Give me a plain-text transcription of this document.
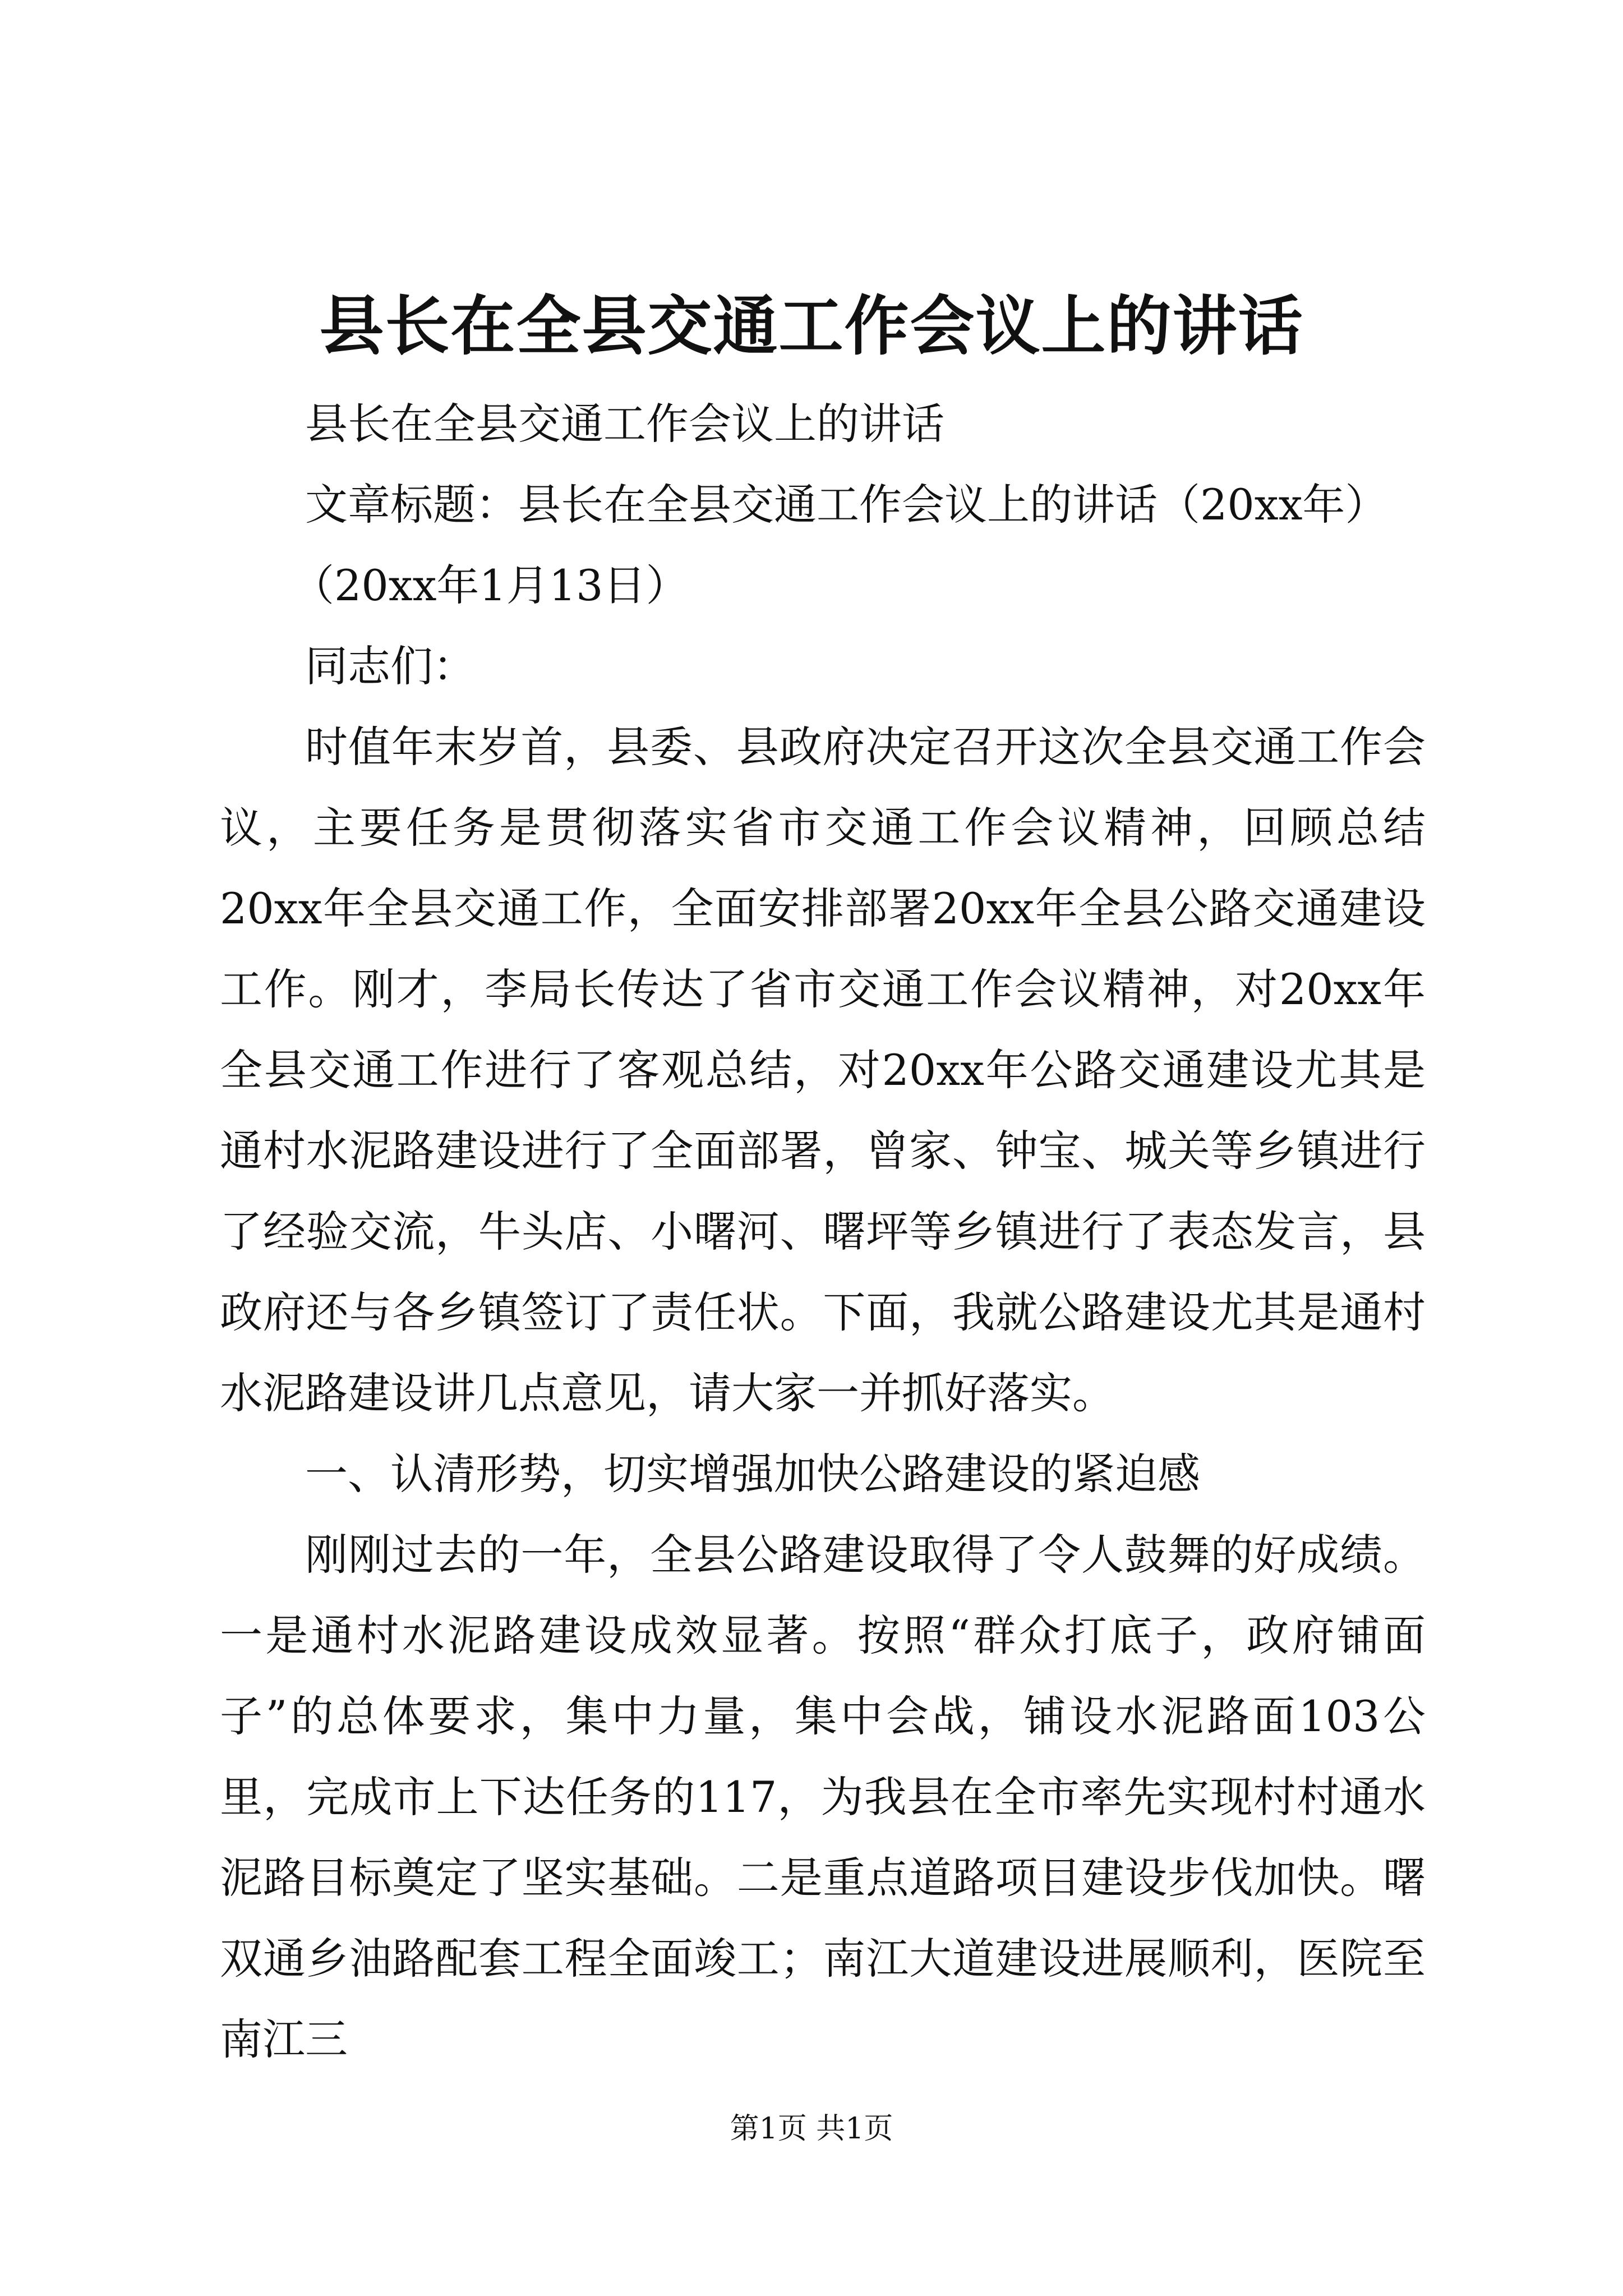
县长在全县交通工作会议上的讲话

县长在全县交通工作会议上的讲话

文章标题：县长在全县交通工作会议上的讲话（20xx年）

（20xx年1月13日）

同志们：

时值年末岁首，县委、县政府决定召开这次全县交通工作会议，主要任务是贯彻落实省市交通工作会议精神，回顾总结20xx年全县交通工作，全面安排部署20xx年全县公路交通建设工作。刚才，李局长传达了省市交通工作会议精神，对20xx年全县交通工作进行了客观总结，对20xx年公路交通建设尤其是通村水泥路建设进行了全面部署，曾家、钟宝、城关等乡镇进行了经验交流，牛头店、小曙河、曙坪等乡镇进行了表态发言，县政府还与各乡镇签订了责任状。下面，我就公路建设尤其是通村水泥路建设讲几点意见，请大家一并抓好落实。

一、认清形势，切实增强加快公路建设的紧迫感

刚刚过去的一年，全县公路建设取得了令人鼓舞的好成绩。一是通村水泥路建设成效显著。按照“群众打底子，政府铺面子”的总体要求，集中力量，集中会战，铺设水泥路面103公里，完成市上下达任务的117，为我县在全市率先实现村村通水泥路目标奠定了坚实基础。二是重点道路项目建设步伐加快。曙双通乡油路配套工程全面竣工；南江大道建设进展顺利，医院至南江三

第1页 共1页
